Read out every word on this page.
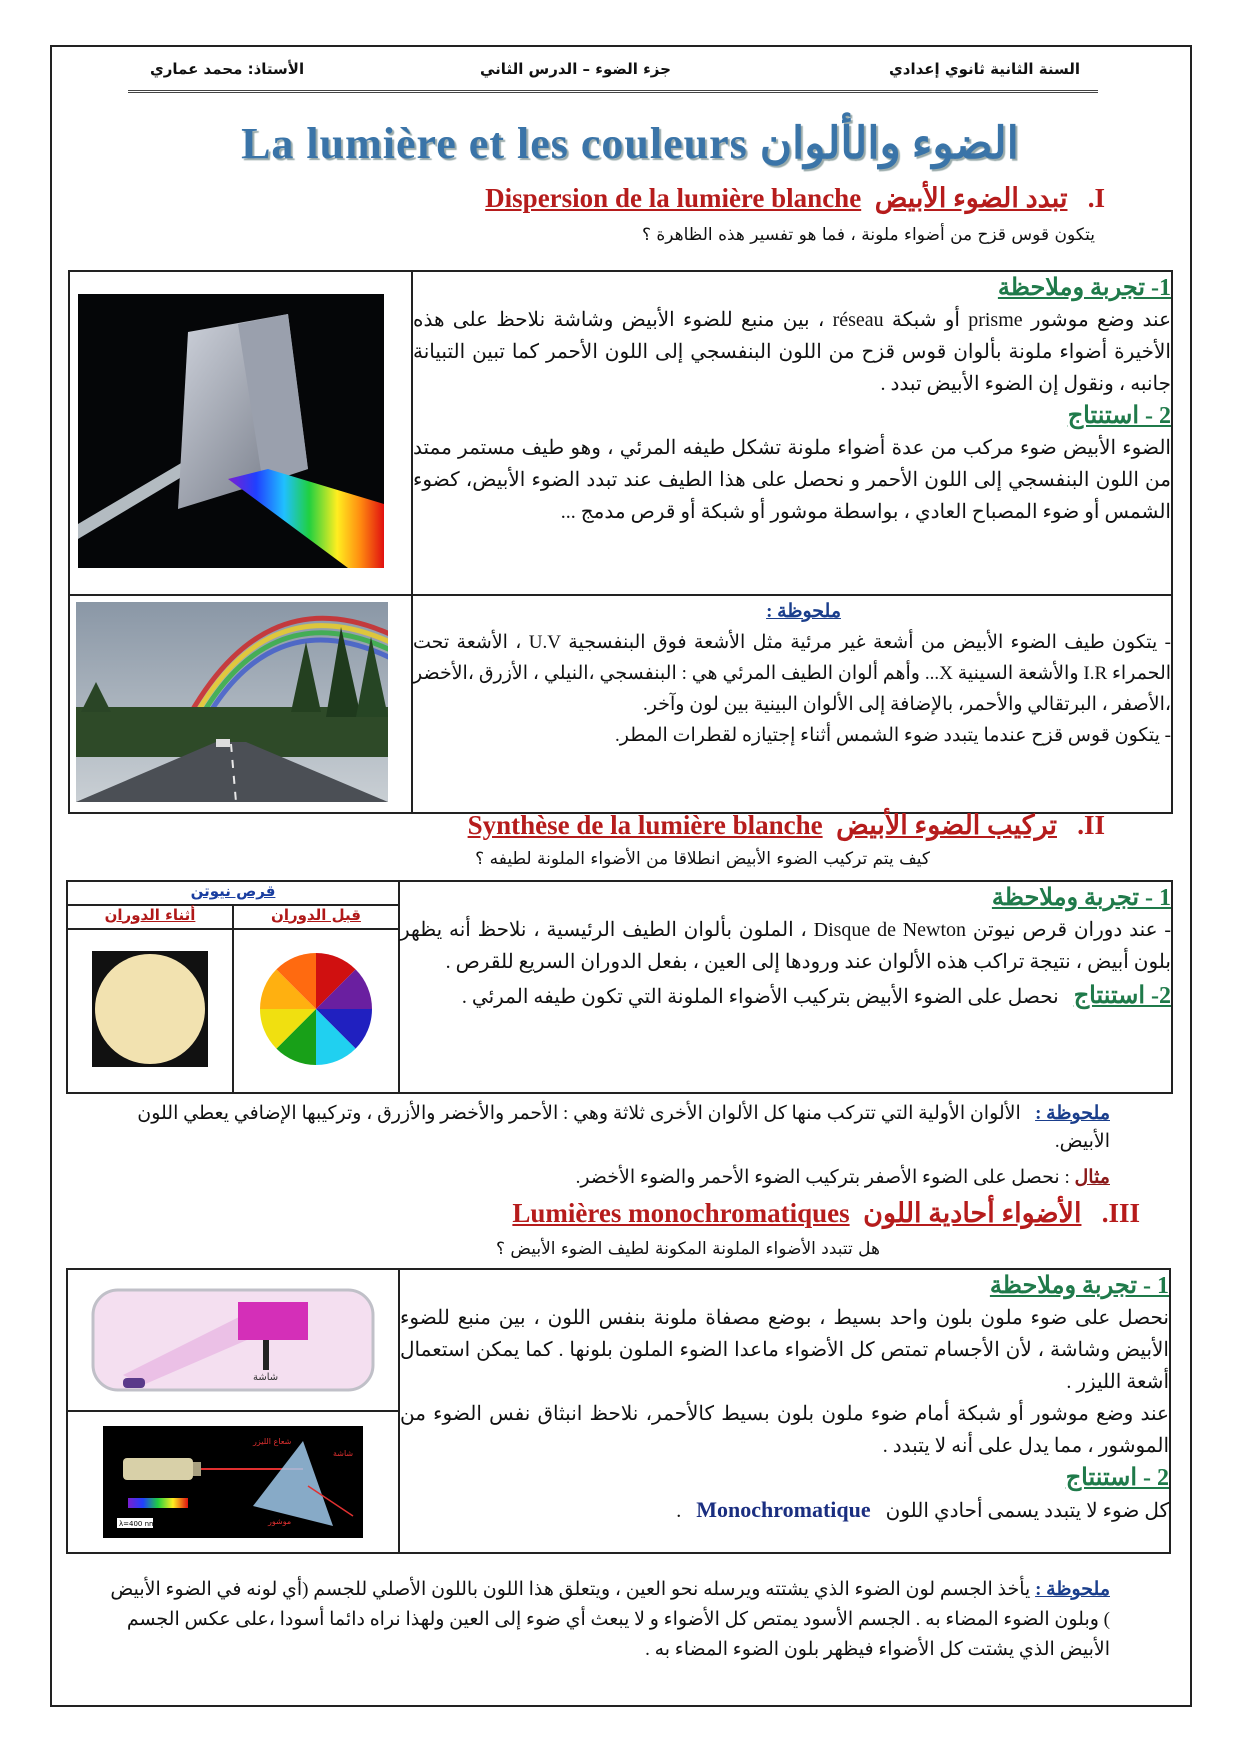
السنة الثانية ثانوي إعدادي
جزء الضوء – الدرس الثاني
الأستاذ: محمد عماري
La lumière et les couleurs الضوء والألوان
I.   تبدد الضوء الأبيض  Dispersion de la lumière blanche
يتكون قوس قزح من أضواء ملونة ، فما هو تفسير هذه الظاهرة ؟

1- تجربة وملاحظة
عند وضع موشور prisme أو شبكة réseau ، بين منبع للضوء الأبيض وشاشة نلاحظ على هذه الأخيرة أضواء ملونة بألوان قوس قزح من اللون البنفسجي إلى اللون الأحمر كما تبين التبيانة جانبه ، ونقول إن الضوء الأبيض تبدد .
2 - استنتاج
الضوء الأبيض ضوء مركب من عدة أضواء ملونة تشكل طيفه المرئي ، وهو طيف مستمر ممتد من اللون البنفسجي إلى اللون الأحمر و نحصل على هذا الطيف عند تبدد الضوء الأبيض، كضوء الشمس أو ضوء المصباح العادي ، بواسطة موشور أو شبكة أو قرص مدمج ...

ملحوظة :
- يتكون طيف الضوء الأبيض من أشعة غير مرئية مثل الأشعة فوق البنفسجية U.V ، الأشعة تحت الحمراء I.R والأشعة السينية X... وأهم ألوان الطيف المرئي هي : البنفسجي ،النيلي ، الأزرق ،الأخضر ،الأصفر ، البرتقالي والأحمر، بالإضافة إلى الألوان البينية بين لون وآخر.
- يتكون قوس قزح عندما يتبدد ضوء الشمس أثناء إجتيازه لقطرات المطر.
II.   تركيب الضوء الأبيض  Synthèse de la lumière blanche
كيف يتم تركيب الضوء الأبيض انطلاقا من الأضواء الملونة لطيفه ؟
قرص نيوتن
أثناء الدوران	قبل الدوران

1 - تجربة وملاحظة
- عند دوران قرص نيوتن Disque de Newton ، الملون بألوان الطيف الرئيسية ، نلاحظ أنه يظهر بلون أبيض ، نتيجة تراكب هذه الألوان عند ورودها إلى العين ، بفعل الدوران السريع للقرص .
2- استنتاج   نحصل على الضوء الأبيض بتركيب الأضواء الملونة التي تكون طيفه المرئي .
ملحوظة :   الألوان الأولية التي تتركب منها كل الألوان الأخرى ثلاثة وهي : الأحمر والأخضر والأزرق ، وتركيبها الإضافي يعطي اللون الأبيض.
مثال : نحصل على الضوء الأصفر بتركيب الضوء الأحمر والضوء الأخضر.
III.   الأضواء أحادية اللون  Lumières monochromatiques
هل تتبدد الأضواء الملونة المكونة لطيف الضوء الأبيض ؟
شاشة
λ=400 nm
شعاع الليزر
شاشة
موشور

1 - تجربة وملاحظة
نحصل على ضوء ملون بلون واحد بسيط ، بوضع مصفاة ملونة بنفس اللون ، بين منبع للضوء الأبيض وشاشة ، لأن الأجسام تمتص كل الأضواء ماعدا الضوء الملون بلونها . كما يمكن استعمال أشعة الليزر .
عند وضع موشور أو شبكة أمام ضوء ملون بلون بسيط كالأحمر، نلاحظ انبثاق نفس الضوء من الموشور ، مما يدل على أنه لا يتبدد .
2 - استنتاج
كل ضوء لا يتبدد يسمى أحادي اللون   Monochromatique   .
ملحوظة : يأخذ الجسم لون الضوء الذي يشتته ويرسله نحو العين ، ويتعلق هذا اللون باللون الأصلي للجسم (أي لونه في الضوء الأبيض ) وبلون الضوء المضاء به . الجسم الأسود يمتص كل الأضواء و لا يبعث أي ضوء إلى العين ولهذا نراه دائما أسودا ،على عكس الجسم الأبيض الذي يشتت كل الأضواء فيظهر بلون الضوء المضاء به .
